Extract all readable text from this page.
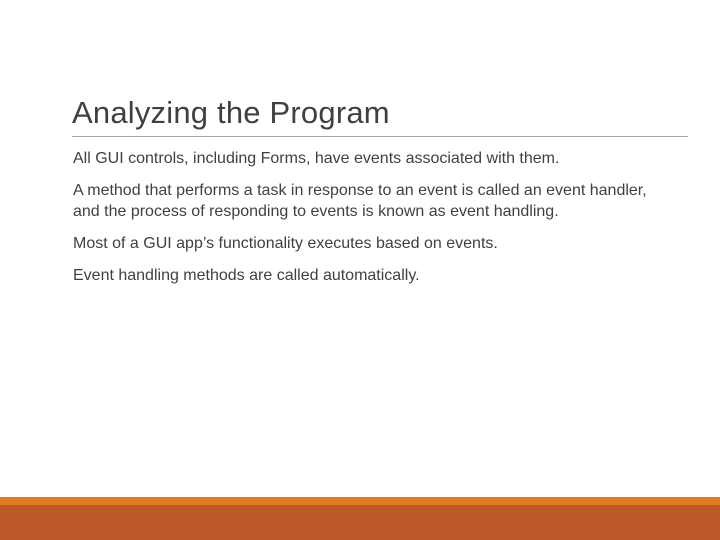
Analyzing the Program

All GUI controls, including Forms, have events associated with them.

A method that performs a task in response to an event is called an event handler, and the process of responding to events is known as event handling.

Most of a GUI app’s functionality executes based on events.

Event handling methods are called automatically.
